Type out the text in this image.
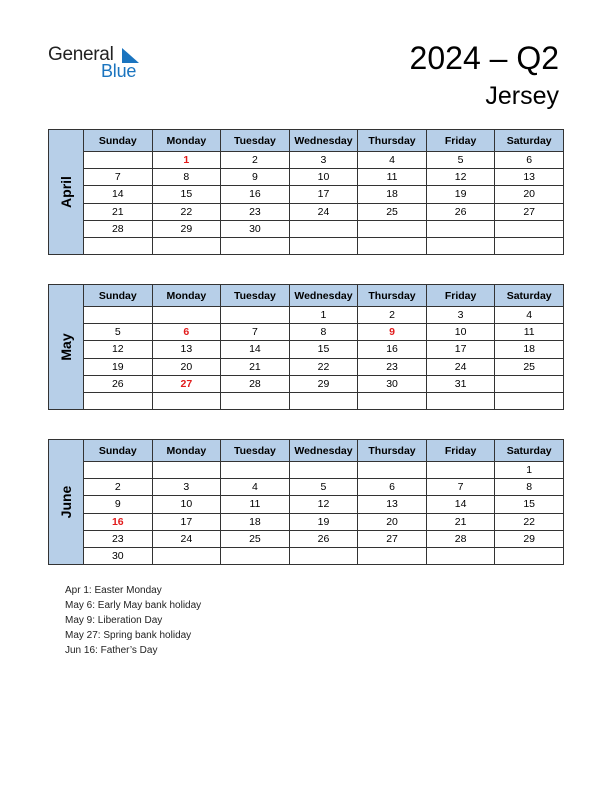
General
Blue	2024 – Q2
Jersey
April
Sunday	Monday	Tuesday	Wednesday	Thursday	Friday	Saturday
	1	2	3	4	5	6
7	8	9	10	11	12	13
14	15	16	17	18	19	20
21	22	23	24	25	26	27
28	29	30				

May
Sunday	Monday	Tuesday	Wednesday	Thursday	Friday	Saturday
			1	2	3	4
5	6	7	8	9	10	11
12	13	14	15	16	17	18
19	20	21	22	23	24	25
26	27	28	29	30	31	

June
Sunday	Monday	Tuesday	Wednesday	Thursday	Friday	Saturday
						1
2	3	4	5	6	7	8
9	10	11	12	13	14	15
16	17	18	19	20	21	22
23	24	25	26	27	28	29
30						
Apr 1: Easter Monday
May 6: Early May bank holiday
May 9: Liberation Day
May 27: Spring bank holiday
Jun 16: Father’s Day
